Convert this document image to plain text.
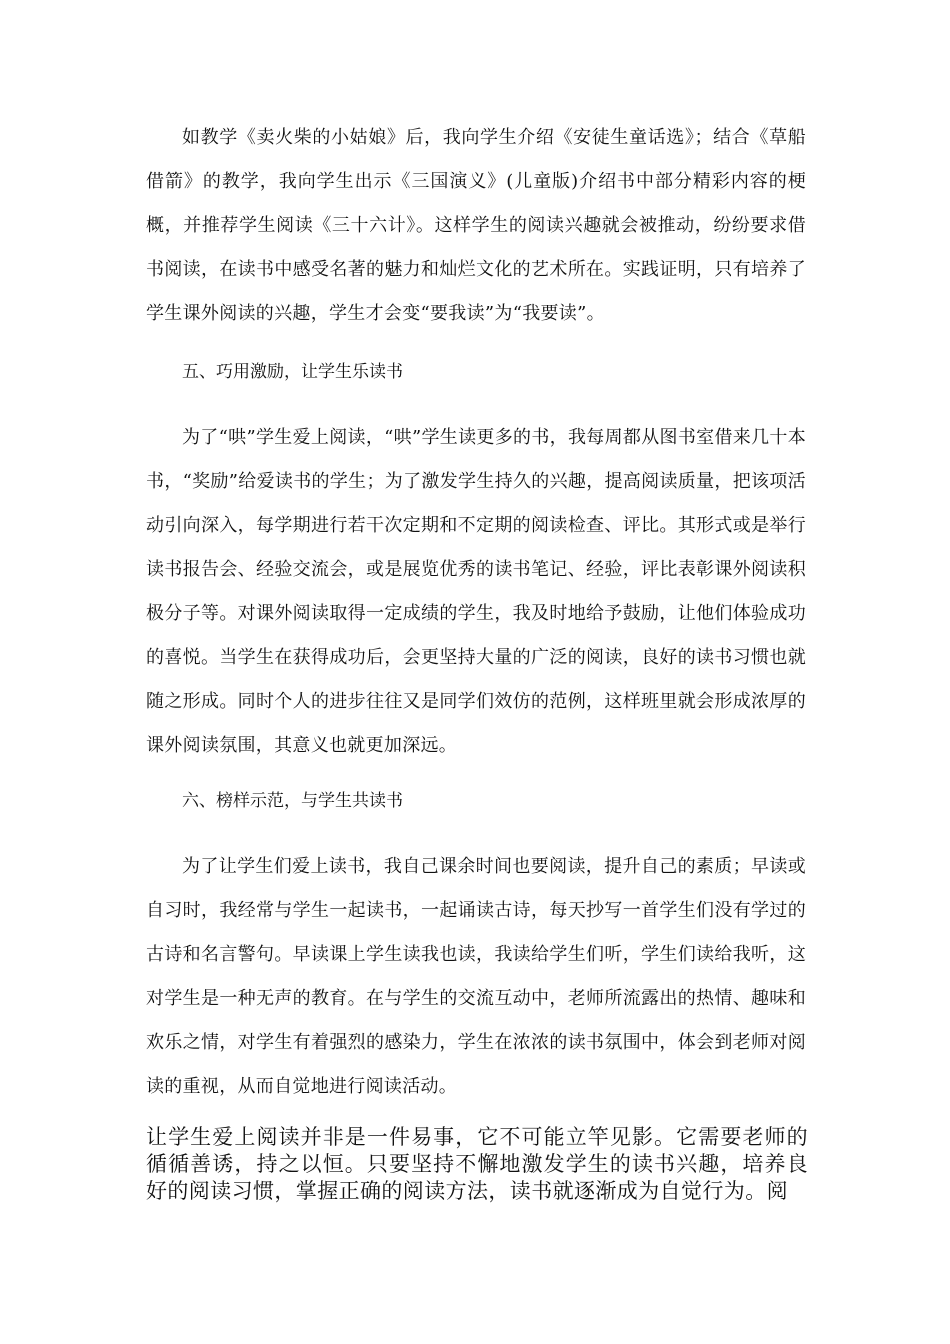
如教学《卖火柴的小姑娘》后，我向学生介绍《安徒生童话选》；结合《草船借箭》的教学，我向学生出示《三国演义》(儿童版)介绍书中部分精彩内容的梗概，并推荐学生阅读《三十六计》。这样学生的阅读兴趣就会被推动，纷纷要求借书阅读，在读书中感受名著的魅力和灿烂文化的艺术所在。实践证明，只有培养了学生课外阅读的兴趣，学生才会变“要我读”为“我要读”。

五、巧用激励，让学生乐读书

为了“哄”学生爱上阅读，“哄”学生读更多的书，我每周都从图书室借来几十本书，“奖励”给爱读书的学生；为了激发学生持久的兴趣，提高阅读质量，把该项活动引向深入，每学期进行若干次定期和不定期的阅读检查、评比。其形式或是举行读书报告会、经验交流会，或是展览优秀的读书笔记、经验，评比表彰课外阅读积极分子等。对课外阅读取得一定成绩的学生，我及时地给予鼓励，让他们体验成功的喜悦。当学生在获得成功后，会更坚持大量的广泛的阅读，良好的读书习惯也就随之形成。同时个人的进步往往又是同学们效仿的范例，这样班里就会形成浓厚的课外阅读氛围，其意义也就更加深远。

六、榜样示范，与学生共读书

为了让学生们爱上读书，我自己课余时间也要阅读，提升自己的素质；早读或自习时，我经常与学生一起读书，一起诵读古诗，每天抄写一首学生们没有学过的古诗和名言警句。早读课上学生读我也读，我读给学生们听，学生们读给我听，这对学生是一种无声的教育。在与学生的交流互动中，老师所流露出的热情、趣味和欢乐之情，对学生有着强烈的感染力，学生在浓浓的读书氛围中，体会到老师对阅读的重视，从而自觉地进行阅读活动。

让学生爱上阅读并非是一件易事，它不可能立竿见影。它需要老师的循循善诱，持之以恒。只要坚持不懈地激发学生的读书兴趣，培养良好的阅读习惯，掌握正确的阅读方法，读书就逐渐成为自觉行为。阅
